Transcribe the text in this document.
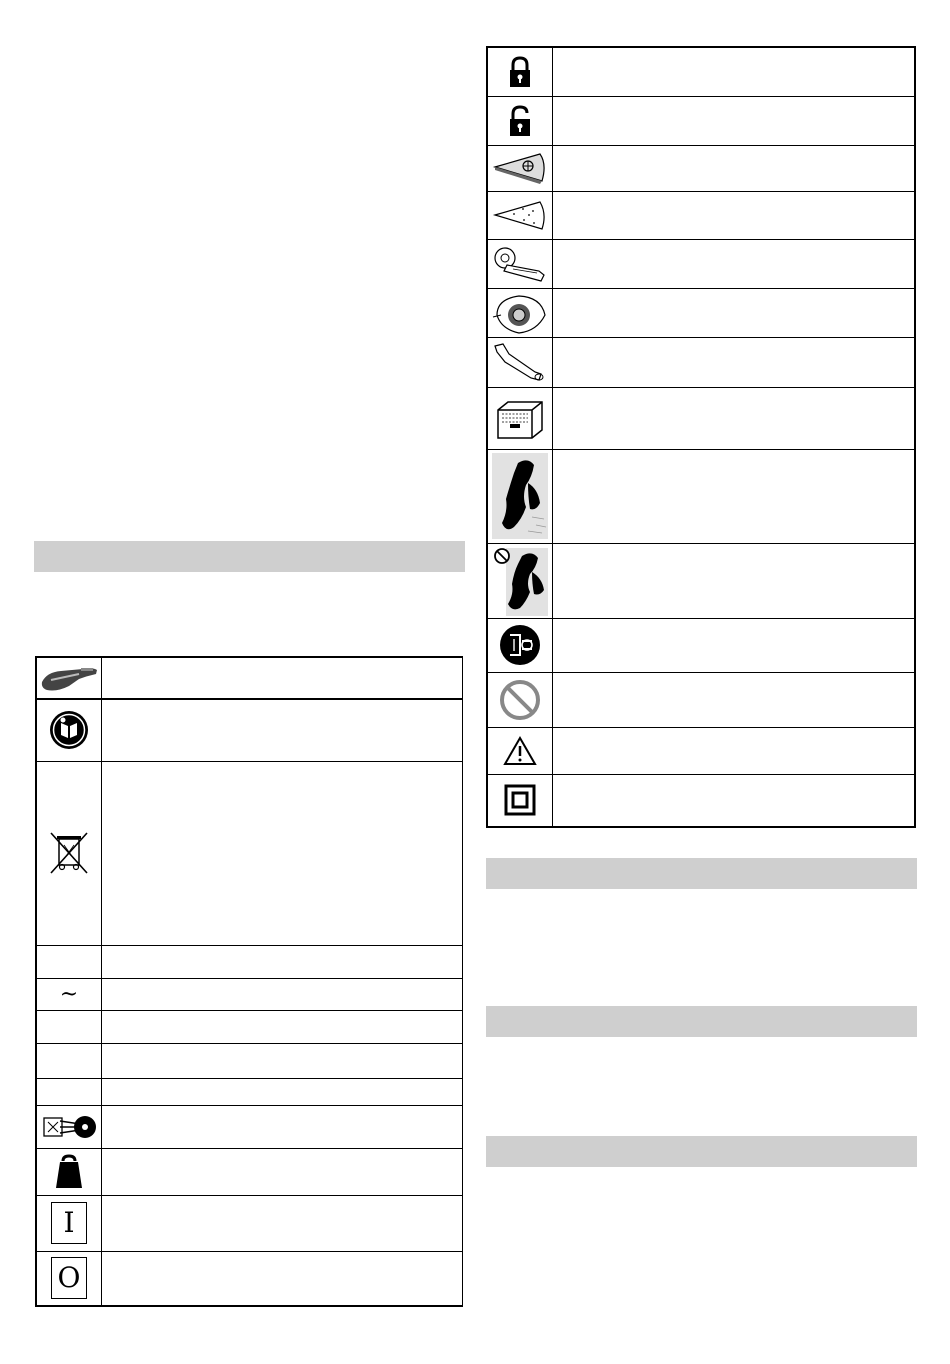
~	

I	

O	
